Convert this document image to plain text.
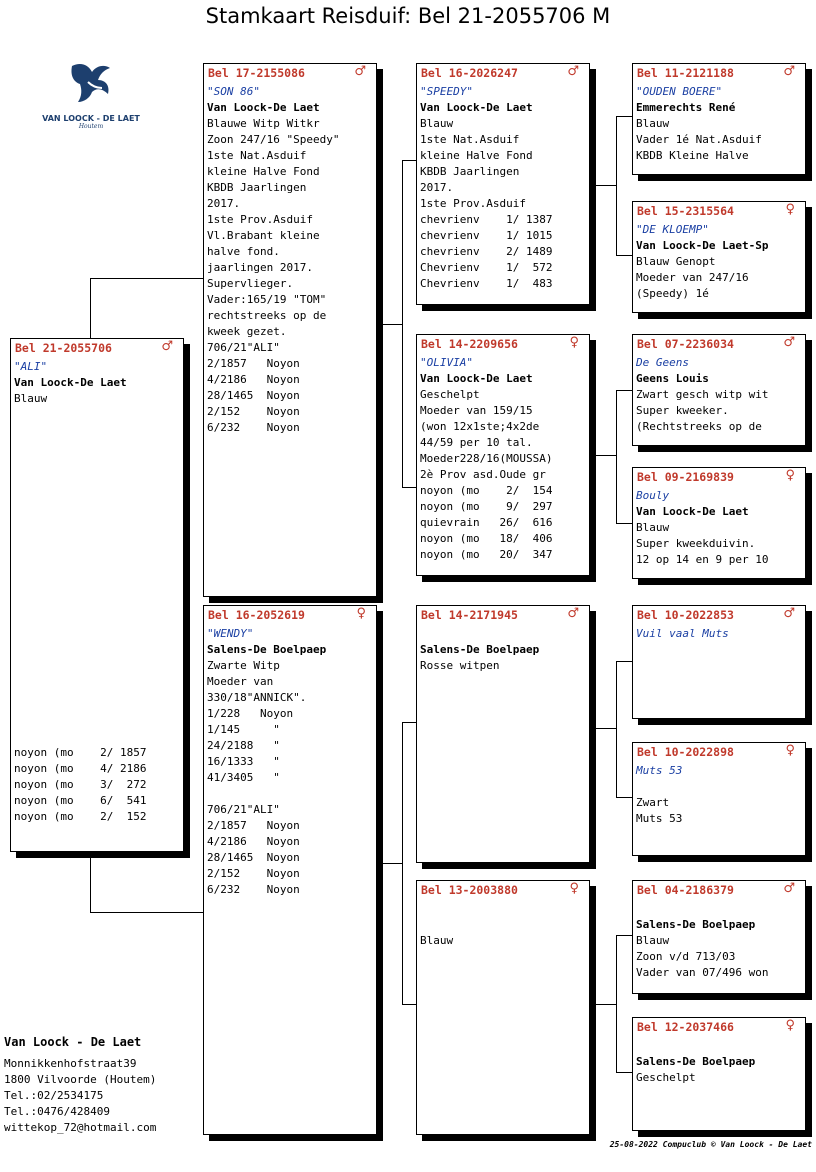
Stamkaart Reisduif: Bel 21-2055706 M
VAN LOOCK - DE LAET
Houtem
Bel 21-2055706	♂
"ALI"
Van Loock-De Laet
Blauw
noyon (mo    2/ 1857
noyon (mo    4/ 2186
noyon (mo    3/  272
noyon (mo    6/  541
noyon (mo    2/  152
Bel 17-2155086	♂
"SON 86"
Van Loock-De Laet
Blauwe Witp Witkr
Zoon 247/16 "Speedy"
1ste Nat.Asduif
kleine Halve Fond
KBDB Jaarlingen
2017.
1ste Prov.Asduif
Vl.Brabant kleine
halve fond.
jaarlingen 2017.
Supervlieger.
Vader:165/19 "TOM"
rechtstreeks op de
kweek gezet.
706/21"ALI"
2/1857   Noyon
4/2186   Noyon
28/1465  Noyon
2/152    Noyon
6/232    Noyon
Bel 16-2052619	♀
"WENDY"
Salens-De Boelpaep
Zwarte Witp
Moeder van
330/18"ANNICK".
1/228   Noyon
1/145     "
24/2188   "
16/1333   "
41/3405   "
706/21"ALI"
2/1857   Noyon
4/2186   Noyon
28/1465  Noyon
2/152    Noyon
6/232    Noyon
Bel 16-2026247	♂
"SPEEDY"
Van Loock-De Laet
Blauw
1ste Nat.Asduif
kleine Halve Fond
KBDB Jaarlingen
2017.
1ste Prov.Asduif
chevrienv    1/ 1387
chevrienv    1/ 1015
chevrienv    2/ 1489
Chevrienv    1/  572
Chevrienv    1/  483
Bel 14-2209656	♀
"OLIVIA"
Van Loock-De Laet
Geschelpt
Moeder van 159/15
(won 12x1ste;4x2de
44/59 per 10 tal.
Moeder228/16(MOUSSA)
2è Prov asd.Oude gr
noyon (mo    2/  154
noyon (mo    9/  297
quievrain   26/  616
noyon (mo   18/  406
noyon (mo   20/  347
Bel 14-2171945	♂
Salens-De Boelpaep
Rosse witpen
Bel 13-2003880	♀
Blauw
Bel 11-2121188	♂
"OUDEN BOERE"
Emmerechts René
Blauw
Vader 1é Nat.Asduif
KBDB Kleine Halve
Bel 15-2315564	♀
"DE KLOEMP"
Van Loock-De Laet-Sp
Blauw Genopt
Moeder van 247/16
(Speedy) 1é
Bel 07-2236034	♂
De Geens
Geens Louis
Zwart gesch witp wit
Super kweeker.
(Rechtstreeks op de
Bel 09-2169839	♀
Bouly
Van Loock-De Laet
Blauw
Super kweekduivin.
12 op 14 en 9 per 10
Bel 10-2022853	♂
Vuil vaal Muts
Bel 10-2022898	♀
Muts 53
Zwart
Muts 53
Bel 04-2186379	♂
Salens-De Boelpaep
Blauw
Zoon v/d 713/03
Vader van 07/496 won
Bel 12-2037466	♀
Salens-De Boelpaep
Geschelpt
Van Loock - De Laet
Monnikkenhofstraat39
1800 Vilvoorde (Houtem)
Tel.:02/2534175
Tel.:0476/428409
wittekop_72@hotmail.com
25-08-2022 Compuclub © Van Loock - De Laet
